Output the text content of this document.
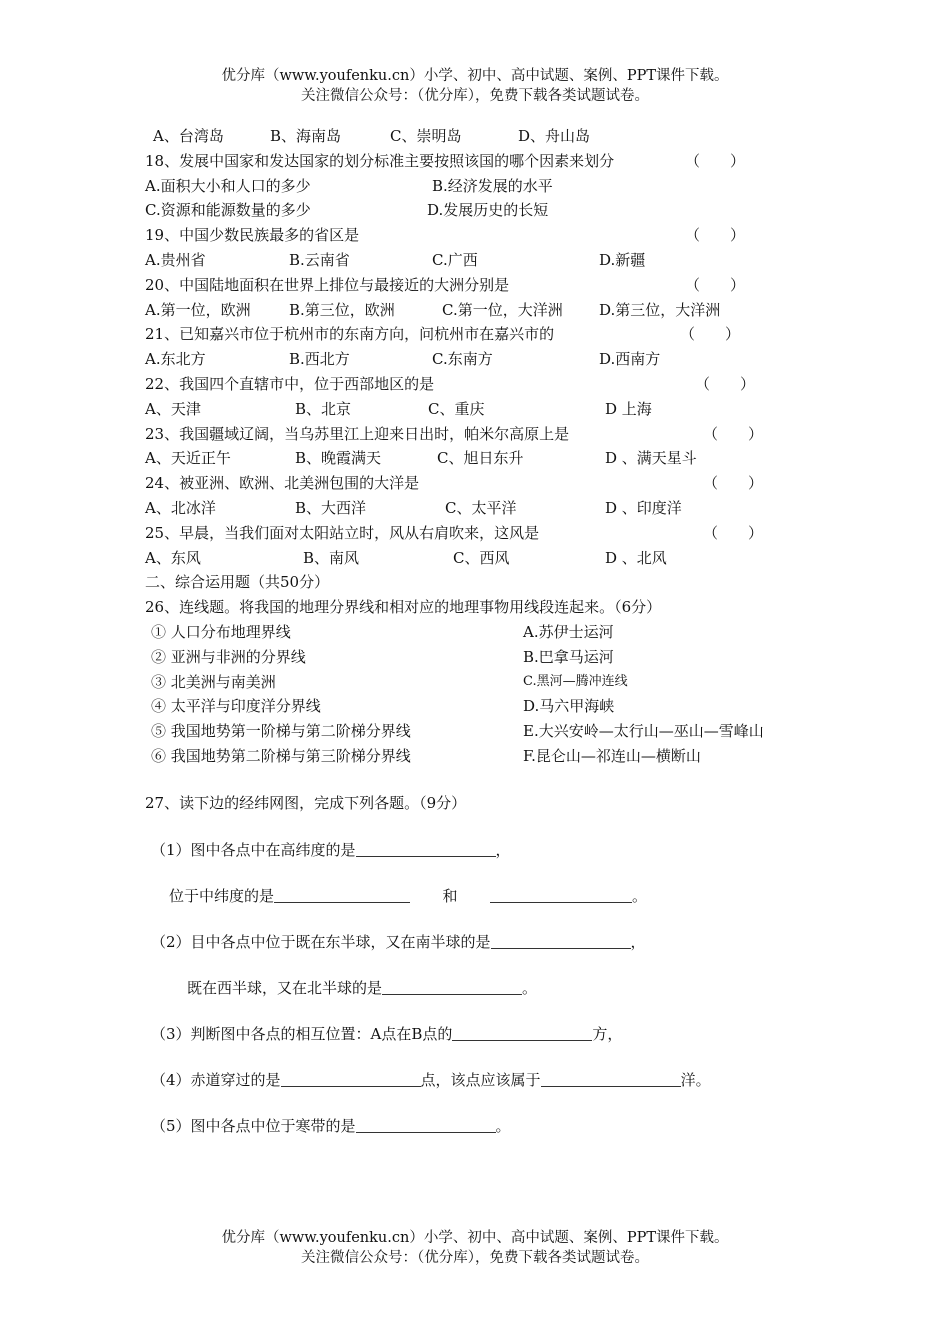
优分库（www.youfenku.cn）小学、初中、高中试题、案例、PPT课件下载。
关注微信公众号：（优分库），免费下载各类试题试卷。
A、台湾岛	B、海南岛	C、崇明岛	D、舟山岛
18、发展中国家和发达国家的划分标准主要按照该国的哪个因素来划分	（　　）
A.面积大小和人口的多少	B.经济发展的水平
C.资源和能源数量的多少	D.发展历史的长短
19、中国少数民族最多的省区是	（　　）
A.贵州省	B.云南省	C.广西	D.新疆
20、中国陆地面积在世界上排位与最接近的大洲分别是	（　　）
A.第一位，欧洲	B.第三位，欧洲	C.第一位，大洋洲 D.第三位，大洋洲
21、已知嘉兴市位于杭州市的东南方向，问杭州市在嘉兴市的	（　　）
A.东北方	B.西北方	C.东南方	D.西南方
22、我国四个直辖市中，位于西部地区的是	（　　）
A、天津	B、北京	C、重庆	D 上海
23、我国疆域辽阔，当乌苏里江上迎来日出时，帕米尔高原上是	（　　）
A、天近正午	B、晚霞满天	C、旭日东升	D 、满天星斗
24、被亚洲、欧洲、北美洲包围的大洋是	（　　）
A、北冰洋	B、大西洋	C、太平洋	D 、印度洋
25、早晨，当我们面对太阳站立时，风从右肩吹来，这风是	（　　）
A、东风	B、南风	C、西风	D 、北风
二、综合运用题（共50分）
26、连线题。将我国的地理分界线和相对应的地理事物用线段连起来。（6分）
① 人口分布地理界线	A.苏伊士运河
② 亚洲与非洲的分界线	B.巴拿马运河
③ 北美洲与南美洲	C.黑河—腾冲连线
④ 太平洋与印度洋分界线	D.马六甲海峡
⑤ 我国地势第一阶梯与第二阶梯分界线	E.大兴安岭—太行山—巫山—雪峰山
⑥ 我国地势第二阶梯与第三阶梯分界线	F.昆仑山—祁连山—横断山
27、读下边的经纬网图，完成下列各题。（9分）
（1）图中各点中在高纬度的是	，
位于中纬度的是	和	。
（2）目中各点中位于既在东半球，又在南半球的是	，
既在西半球，又在北半球的是	。
（3）判断图中各点的相互位置：A点在B点的	方，
（4）赤道穿过的是	点，该点应该属于	洋。
（5）图中各点中位于寒带的是	。
优分库（www.youfenku.cn）小学、初中、高中试题、案例、PPT课件下载。
关注微信公众号：（优分库），免费下载各类试题试卷。
